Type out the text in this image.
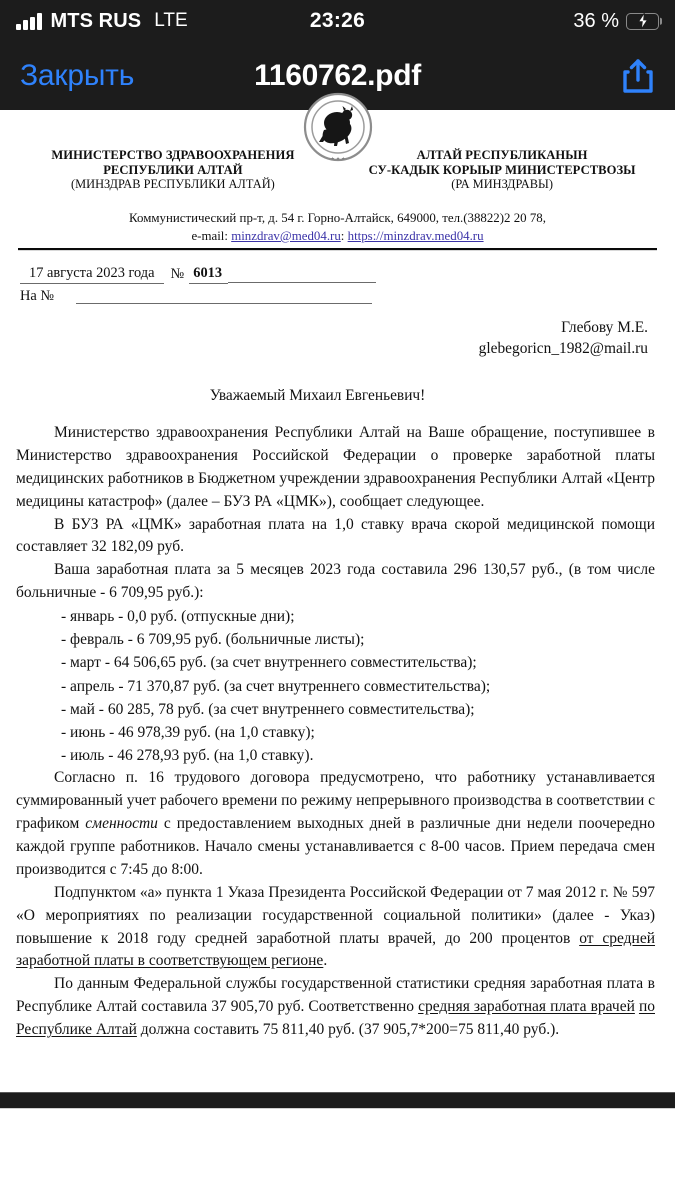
MTS RUS LTE	23:26	36 %
Закрыть	1160762.pdf
★ ★ ★
МИНИСТЕРСТВО ЗДРАВООХРАНЕНИЯ
РЕСПУБЛИКИ АЛТАЙ
(МИНЗДРАВ РЕСПУБЛИКИ АЛТАЙ)
АЛТАЙ РЕСПУБЛИКАНЫН
СУ-КАДЫК КОРЫЫР МИНИСТЕРСТВОЗЫ
(РА МИНЗДРАВЫ)
Коммунистический пр-т, д. 54 г. Горно-Алтайск, 649000, тел.(38822)2 20 78,
e-mail: minzdrav@med04.ru: https://minzdrav.med04.ru
17 августа 2023 года	№ 6013
На №
Глебову М.Е.
glebegoricn_1982@mail.ru
Уважаемый Михаил Евгеньевич!

Министерство здравоохранения Республики Алтай на Ваше обращение, поступившее в Министерство здравоохранения Российской Федерации о проверке заработной платы медицинских работников в Бюджетном учреждении здравоохранения Республики Алтай «Центр медицины катастроф» (далее – БУЗ РА «ЦМК»), сообщает следующее.

В БУЗ РА «ЦМК» заработная плата на 1,0 ставку врача скорой медицинской помощи составляет 32 182,09 руб.

Ваша заработная плата за 5 месяцев 2023 года составила 296 130,57 руб., (в том числе больничные - 6 709,95 руб.):

- январь - 0,0 руб. (отпускные дни);
- февраль - 6 709,95 руб. (больничные листы);
- март - 64 506,65 руб. (за счет внутреннего совместительства);
- апрель - 71 370,87 руб. (за счет внутреннего совместительства);
- май - 60 285, 78 руб. (за счет внутреннего совместительства);
- июнь - 46 978,39 руб. (на 1,0 ставку);
- июль - 46 278,93 руб. (на 1,0 ставку).

Согласно п. 16 трудового договора предусмотрено, что работнику устанавливается суммированный учет рабочего времени по режиму непрерывного производства в соответствии с графиком сменности с предоставлением выходных дней в различные дни недели поочередно каждой группе работников. Начало смены устанавливается с 8-00 часов. Прием передача смен производится с 7:45 до 8:00.

Подпунктом «а» пункта 1 Указа Президента Российской Федерации от 7 мая 2012 г. № 597 «О мероприятиях по реализации государственной социальной политики» (далее - Указ) повышение к 2018 году средней заработной платы врачей, до 200 процентов от средней заработной платы в соответствующем регионе.

По данным Федеральной службы государственной статистики средняя заработная плата в Республике Алтай составила 37 905,70 руб. Соответственно средняя заработная плата врачей по Республике Алтай должна составить 75 811,40 руб. (37 905,7*200=75 811,40 руб.).
